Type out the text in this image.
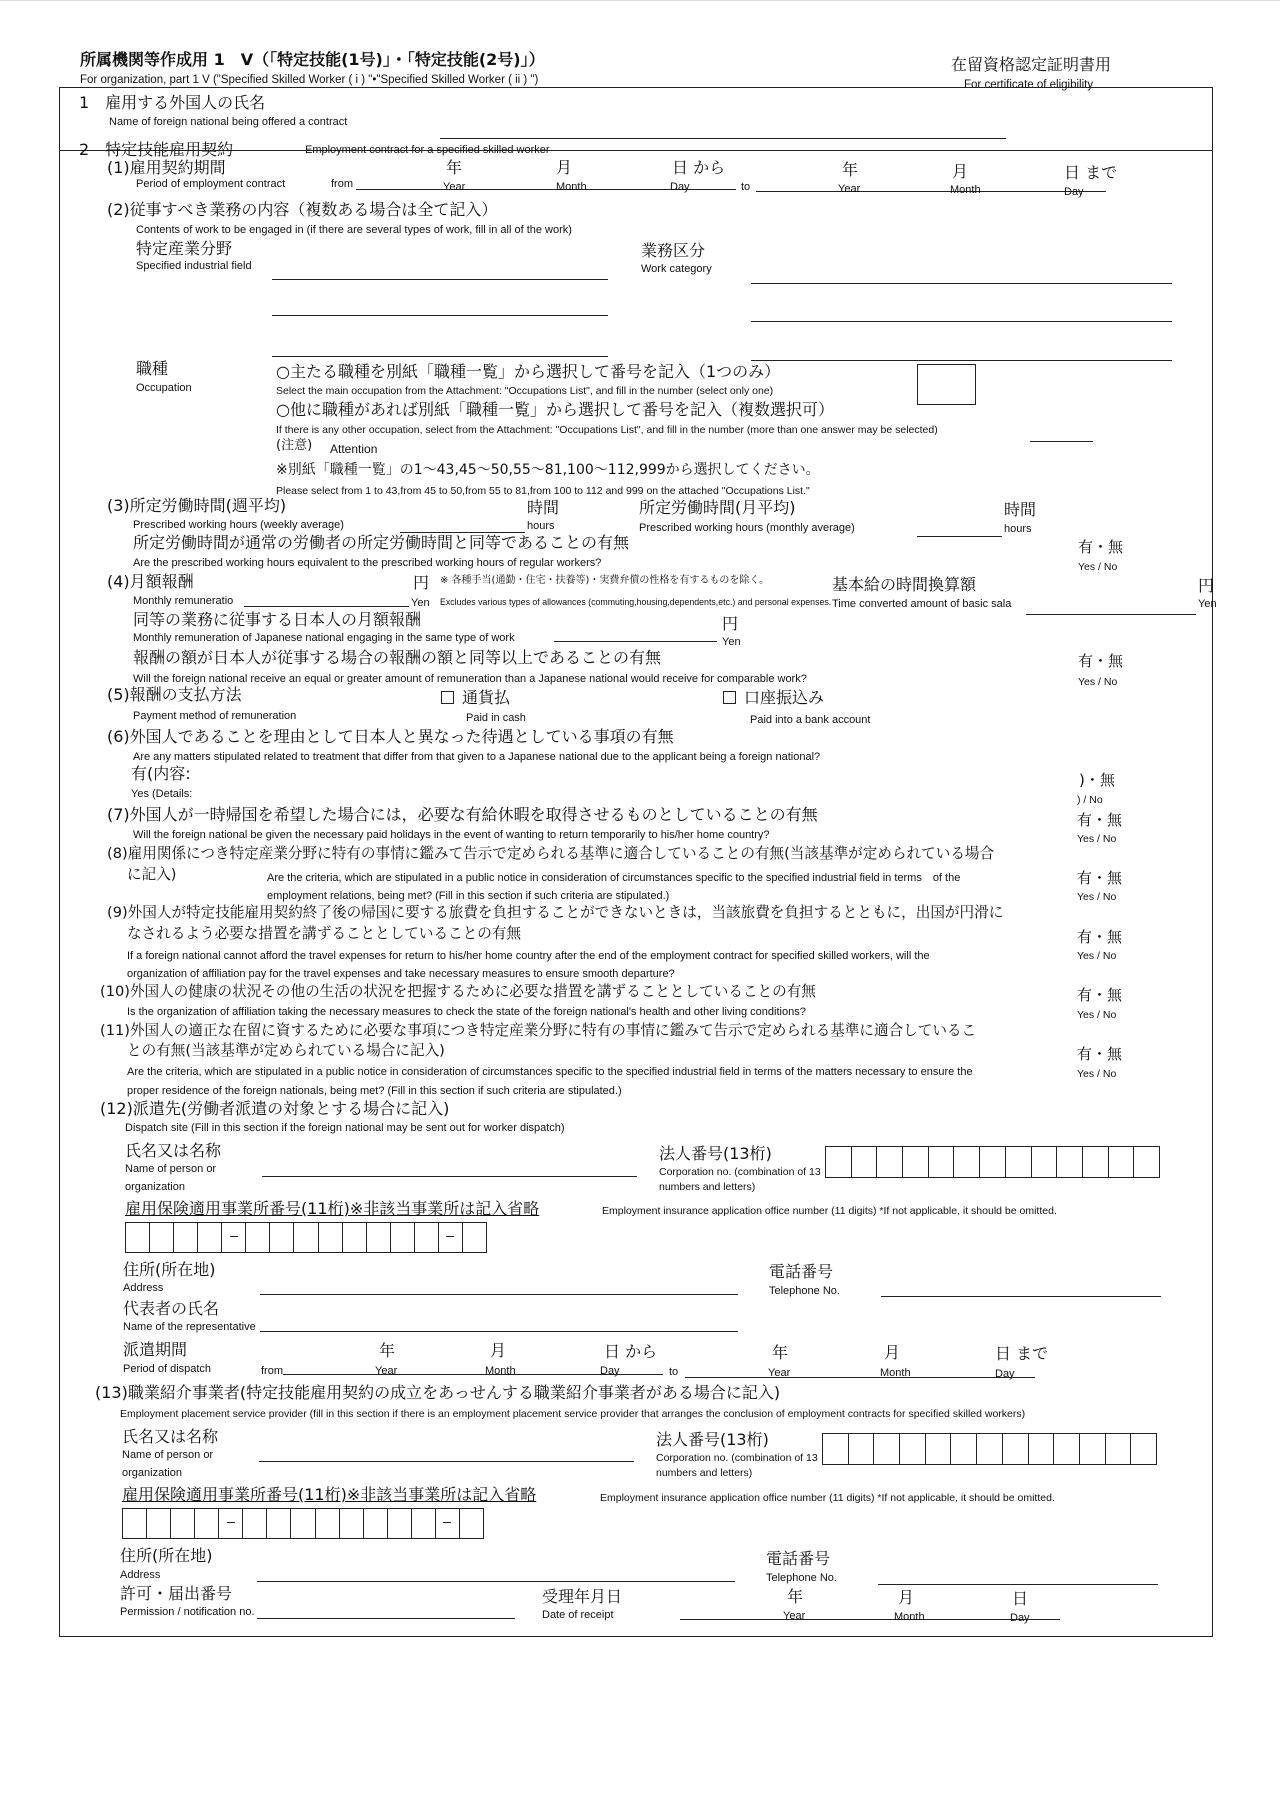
所属機関等作成用 1　V（「特定技能(1号)」・「特定技能(2号)」）
For organization, part 1 V ("Specified Skilled Worker ( i ) "•"Specified Skilled Worker ( ii ) ")
在留資格認定証明書用
For certificate of eligibility
1　雇用する外国人の氏名
Name of foreign national being offered a contract
2　特定技能雇用契約	Employment contract for a specified skilled worker
(1)雇用契約期間
Period of employment contract	from
年
Year
月
Month
日 から
Day	to
年
Year
月
Month
日 まで
Day
(2)従事すべき業務の内容（複数ある場合は全て記入）
Contents of work to be engaged in (if there are several types of work, fill in all of the work)
特定産業分野
Specified industrial field
業務区分
Work category
職種
Occupation
○主たる職種を別紙「職種一覧」から選択して番号を記入（1つのみ）
Select the main occupation from the Attachment: "Occupations List", and fill in the number (select only one)
○他に職種があれば別紙「職種一覧」から選択して番号を記入（複数選択可）
If there is any other occupation, select from the Attachment: "Occupations List", and fill in the number (more than one answer may be selected)
(注意) Attention
※別紙「職種一覧」の1～43,45～50,55～81,100～112,999から選択してください。
Please select from 1 to 43,from 45 to 50,from 55 to 81,from 100 to 112 and 999 on the attached "Occupations List."
(3)所定労働時間(週平均)
Prescribed working hours (weekly average)
時間
hours
所定労働時間(月平均)
Prescribed working hours (monthly average)
時間
hours
所定労働時間が通常の労働者の所定労働時間と同等であることの有無
Are the prescribed working hours equivalent to the prescribed working hours of regular workers?
有・無
Yes / No
(4)月額報酬
Monthly remuneratio
円
Yen
※ 各種手当(通勤・住宅・扶養等)・実費弁償の性格を有するものを除く。
Excludes various types of allowances (commuting,housing,dependents,etc.) and personal expenses.
基本給の時間換算額
Time converted amount of basic sala
円
Yen
同等の業務に従事する日本人の月額報酬
Monthly remuneration of Japanese national engaging in the same type of work
円
Yen
報酬の額が日本人が従事する場合の報酬の額と同等以上であることの有無
Will the foreign national receive an equal or greater amount of remuneration than a Japanese national would receive for comparable work?
有・無
Yes / No
(5)報酬の支払方法
Payment method of remuneration
通貨払
Paid in cash
口座振込み
Paid into a bank account
(6)外国人であることを理由として日本人と異なった待遇としている事項の有無
Are any matters stipulated related to treatment that differ from that given to a Japanese national due to the applicant being a foreign national?
有(内容:
Yes (Details:
)・無
) / No
(7)外国人が一時帰国を希望した場合には，必要な有給休暇を取得させるものとしていることの有無
Will the foreign national be given the necessary paid holidays in the event of wanting to return temporarily to his/her home country?
有・無
Yes / No
(8)雇用関係につき特定産業分野に特有の事情に鑑みて告示で定められる基準に適合していることの有無(当該基準が定められている場合
に記入)	Are the criteria, which are stipulated in a public notice in consideration of circumstances specific to the specified industrial field in terms　of the
employment relations, being met? (Fill in this section if such criteria are stipulated.)
有・無
Yes / No
(9)外国人が特定技能雇用契約終了後の帰国に要する旅費を負担することができないときは，当該旅費を負担するとともに，出国が円滑に
なされるよう必要な措置を講ずることとしていることの有無
If a foreign national cannot afford the travel expenses for return to his/her home country after the end of the employment contract for specified skilled workers, will the
organization of affiliation pay for the travel expenses and take necessary measures to ensure smooth departure?
有・無
Yes / No
(10)外国人の健康の状況その他の生活の状況を把握するために必要な措置を講ずることとしていることの有無
Is the organization of affiliation taking the necessary measures to check the state of the foreign national's health and other living conditions?
有・無
Yes / No
(11)外国人の適正な在留に資するために必要な事項につき特定産業分野に特有の事情に鑑みて告示で定められる基準に適合しているこ
との有無(当該基準が定められている場合に記入)
Are the criteria, which are stipulated in a public notice in consideration of circumstances specific to the specified industrial field in terms of the matters necessary to ensure the
proper residence of the foreign nationals, being met? (Fill in this section if such criteria are stipulated.)
有・無
Yes / No
(12)派遣先(労働者派遣の対象とする場合に記入)
Dispatch site (Fill in this section if the foreign national may be sent out for worker dispatch)
氏名又は名称
Name of person or
organization
法人番号(13桁)
Corporation no. (combination of 13
numbers and letters)
雇用保険適用事業所番号(11桁)※非該当事業所は記入省略	Employment insurance application office number (11 digits) *If not applicable, it should be omitted.
住所(所在地)
Address
電話番号
Telephone No.
代表者の氏名
Name of the representative
派遣期間
Period of dispatch	from
年
Year
月
Month
日 から
Day	to
年
Year
月
Month
日 まで
Day
(13)職業紹介事業者(特定技能雇用契約の成立をあっせんする職業紹介事業者がある場合に記入)
Employment placement service provider (fill in this section if there is an employment placement service provider that arranges the conclusion of employment contracts for specified skilled workers)
氏名又は名称
Name of person or
organization
法人番号(13桁)
Corporation no. (combination of 13
numbers and letters)
雇用保険適用事業所番号(11桁)※非該当事業所は記入省略	Employment insurance application office number (11 digits) *If not applicable, it should be omitted.
住所(所在地)
Address
電話番号
Telephone No.
許可・届出番号
Permission / notification no.
受理年月日
Date of receipt
年
Year
月
Month
日
Day
